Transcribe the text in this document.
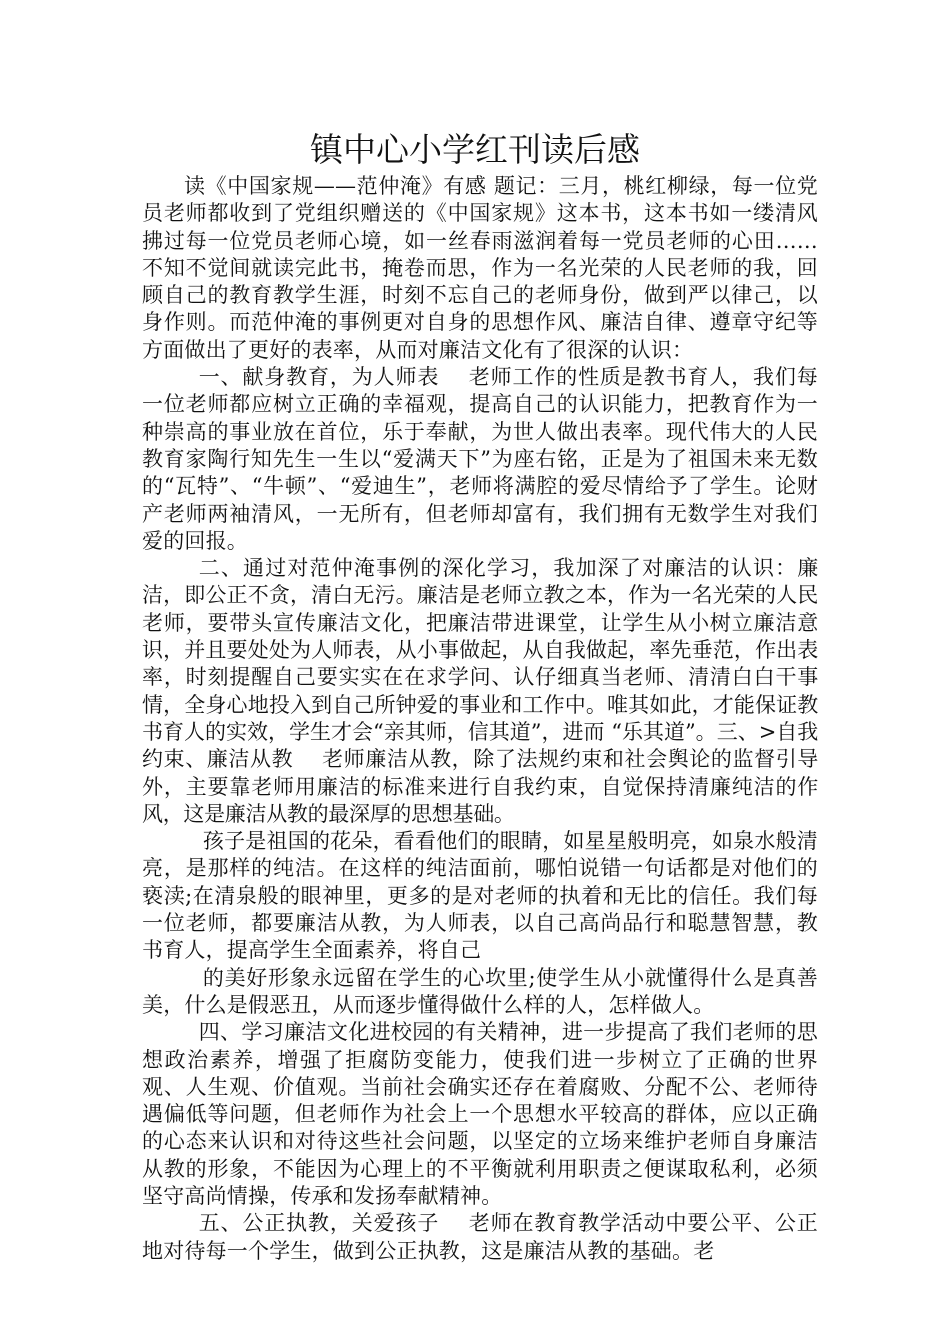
镇中心小学红刊读后感

读《中国家规——范仲淹》有感 题记：三月，桃红柳绿，每一位党员老师都收到了党组织赠送的《中国家规》这本书，这本书如一缕清风拂过每一位党员老师心境，如一丝春雨滋润着每一党员老师的心田…… 不知不觉间就读完此书，掩卷而思，作为一名光荣的人民老师的我，回顾自己的教育教学生涯，时刻不忘自己的老师身份，做到严以律己，以身作则。而范仲淹的事例更对自身的思想作风、廉洁自律、遵章守纪等方面做出了更好的表率，从而对廉洁文化有了很深的认识：

一、献身教育，为人师表　 老师工作的性质是教书育人，我们每一位老师都应树立正确的幸福观，提高自己的认识能力，把教育作为一种崇高的事业放在首位，乐于奉献，为世人做出表率。现代伟大的人民教育家陶行知先生一生以“爱满天下”为座右铭，正是为了祖国未来无数的“瓦特”、“牛顿”、“爱迪生”，老师将满腔的爱尽情给予了学生。论财产老师两袖清风，一无所有，但老师却富有，我们拥有无数学生对我们爱的回报。

二、通过对范仲淹事例的深化学习，我加深了对廉洁的认识：廉洁，即公正不贪，清白无污。廉洁是老师立教之本，作为一名光荣的人民老师，要带头宣传廉洁文化，把廉洁带进课堂，让学生从小树立廉洁意识，并且要处处为人师表，从小事做起，从自我做起，率先垂范，作出表率，时刻提醒自己要实实在在求学问、认仔细真当老师、清清白白干事情，全身心地投入到自己所钟爱的事业和工作中。唯其如此，才能保证教书育人的实效，学生才会“亲其师，信其道”，进而 “乐其道”。三、>自我约束、廉洁从教　 老师廉洁从教，除了法规约束和社会舆论的监督引导外，主要靠老师用廉洁的标准来进行自我约束，自觉保持清廉纯洁的作风，这是廉洁从教的最深厚的思想基础。

孩子是祖国的花朵，看看他们的眼睛，如星星般明亮，如泉水般清亮，是那样的纯洁。在这样的纯洁面前，哪怕说错一句话都是对他们的亵渎;在清泉般的眼神里，更多的是对老师的执着和无比的信任。我们每一位老师，都要廉洁从教，为人师表，以自己高尚品行和聪慧智慧，教书育人，提高学生全面素养，将自己

的美好形象永远留在学生的心坎里;使学生从小就懂得什么是真善美，什么是假恶丑，从而逐步懂得做什么样的人，怎样做人。

四、学习廉洁文化进校园的有关精神，进一步提高了我们老师的思想政治素养，增强了拒腐防变能力，使我们进一步树立了正确的世界观、人生观、价值观。当前社会确实还存在着腐败、分配不公、老师待遇偏低等问题，但老师作为社会上一个思想水平较高的群体，应以正确的心态来认识和对待这些社会问题，以坚定的立场来维护老师自身廉洁从教的形象，不能因为心理上的不平衡就利用职责之便谋取私利，必须坚守高尚情操，传承和发扬奉献精神。

五、公正执教，关爱孩子　 老师在教育教学活动中要公平、公正地对待每一个学生，做到公正执教，这是廉洁从教的基础。老
